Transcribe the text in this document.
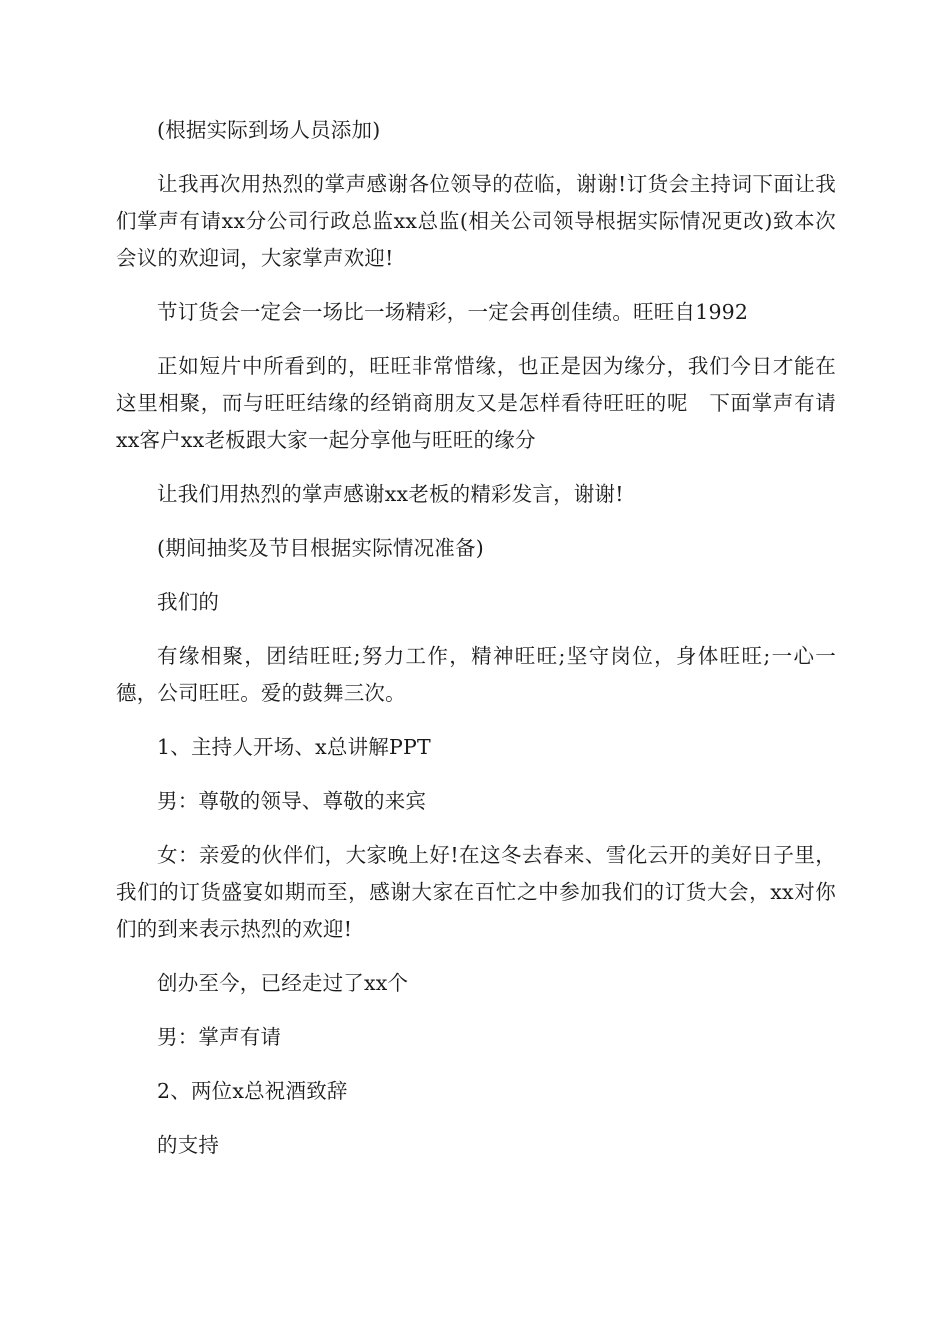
(根据实际到场人员添加)

让我再次用热烈的掌声感谢各位领导的莅临，谢谢!订货会主持词下面让我们掌声有请xx分公司行政总监xx总监(相关公司领导根据实际情况更改)致本次会议的欢迎词，大家掌声欢迎!

节订货会一定会一场比一场精彩，一定会再创佳绩。旺旺自1992

正如短片中所看到的，旺旺非常惜缘，也正是因为缘分，我们今日才能在这里相聚，而与旺旺结缘的经销商朋友又是怎样看待旺旺的呢　下面掌声有请xx客户xx老板跟大家一起分享他与旺旺的缘分

让我们用热烈的掌声感谢xx老板的精彩发言，谢谢!

(期间抽奖及节目根据实际情况准备)

我们的

有缘相聚，团结旺旺;努力工作，精神旺旺;坚守岗位，身体旺旺;一心一德，公司旺旺。爱的鼓舞三次。

1、主持人开场、x总讲解PPT

男：尊敬的领导、尊敬的来宾

女：亲爱的伙伴们，大家晚上好!在这冬去春来、雪化云开的美好日子里，我们的订货盛宴如期而至，感谢大家在百忙之中参加我们的订货大会，xx对你们的到来表示热烈的欢迎!

创办至今，已经走过了xx个

男：掌声有请

2、两位x总祝酒致辞

的支持
